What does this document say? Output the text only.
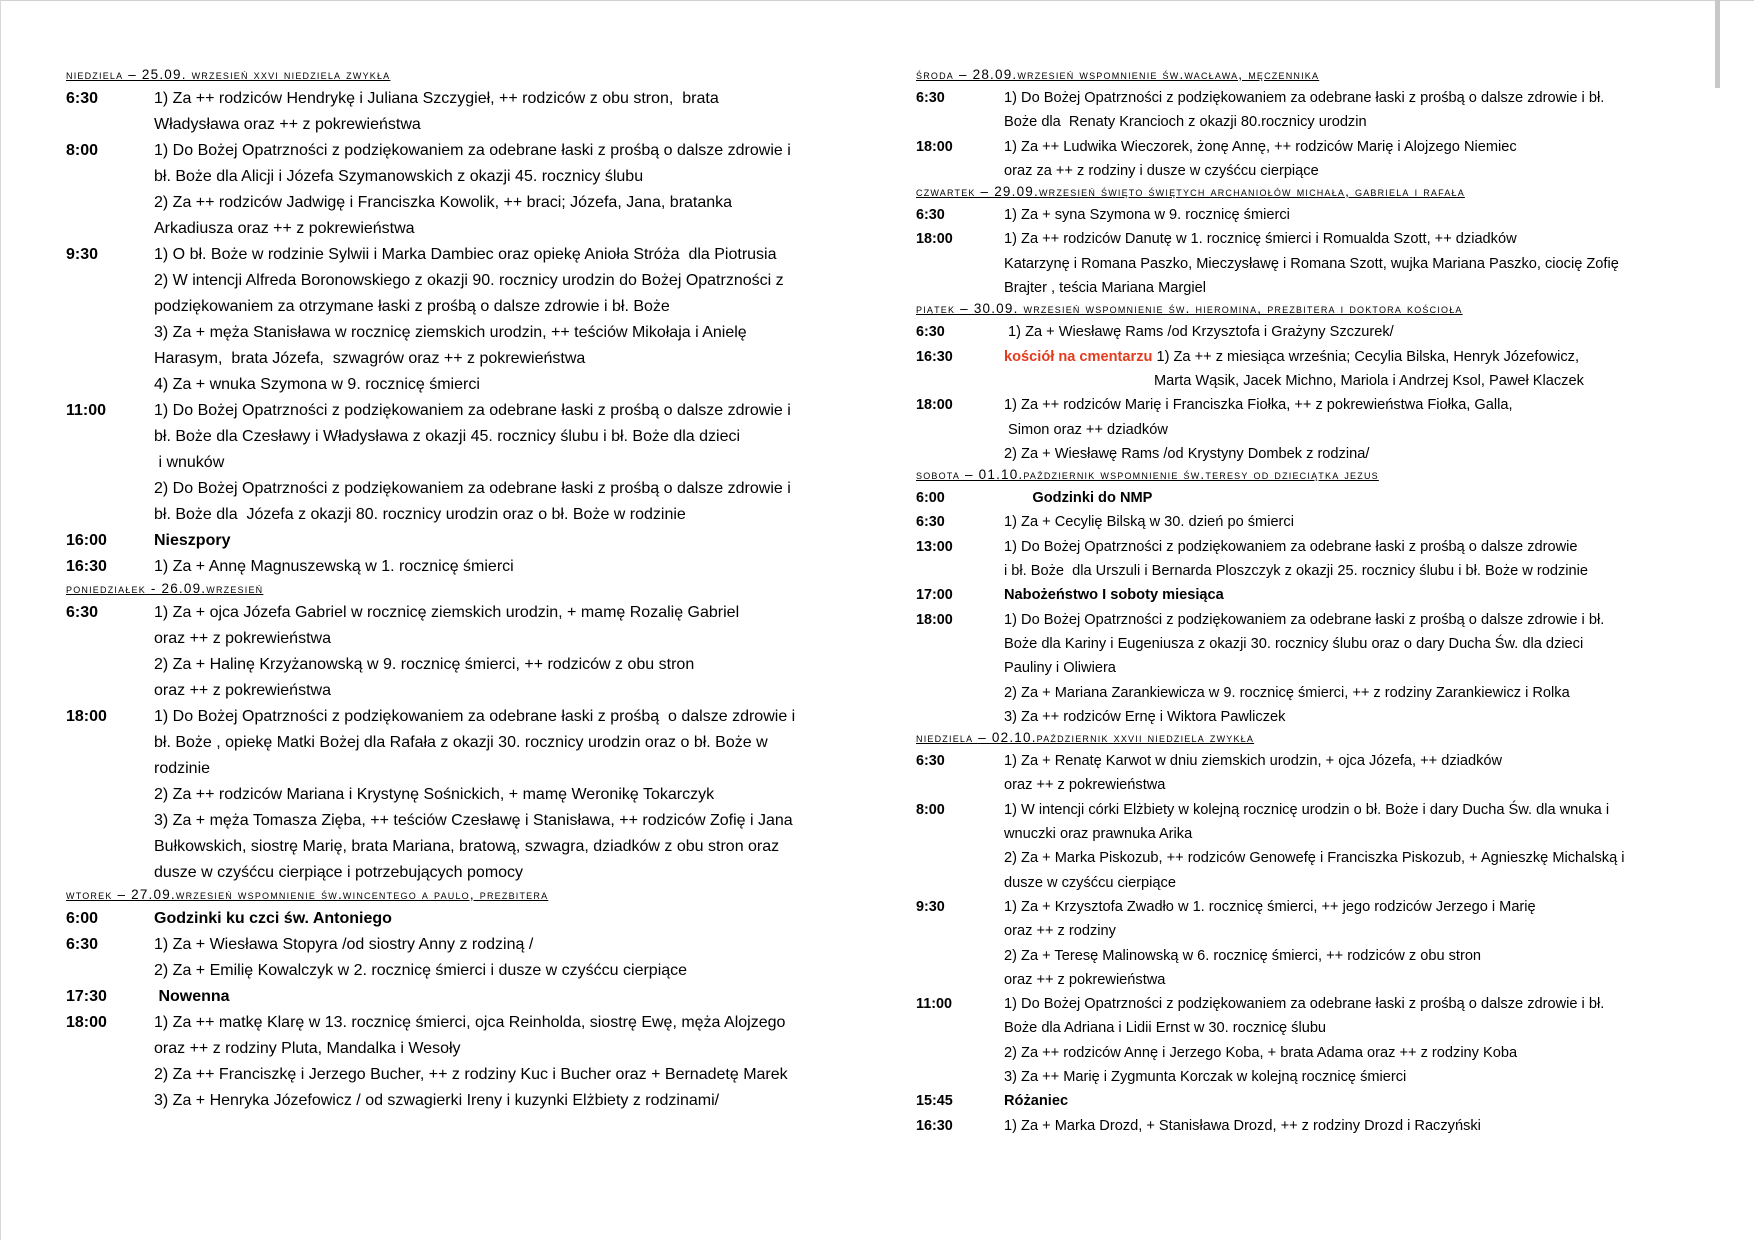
niedziela – 25.09. wrzesień xxvi niedziela zwykła
6:30	1) Za ++ rodziców Hendrykę i Juliana Szczygieł, ++ rodziców z obu stron,  brata
Władysława oraz ++ z pokrewieństwa
8:00	1) Do Bożej Opatrzności z podziękowaniem za odebrane łaski z prośbą o dalsze zdrowie i
bł. Boże dla Alicji i Józefa Szymanowskich z okazji 45. rocznicy ślubu
2) Za ++ rodziców Jadwigę i Franciszka Kowolik, ++ braci; Józefa, Jana, bratanka
Arkadiusza oraz ++ z pokrewieństwa
9:30	1) O bł. Boże w rodzinie Sylwii i Marka Dambiec oraz opiekę Anioła Stróża  dla Piotrusia
2) W intencji Alfreda Boronowskiego z okazji 90. rocznicy urodzin do Bożej Opatrzności z
podziękowaniem za otrzymane łaski z prośbą o dalsze zdrowie i bł. Boże
3) Za + męża Stanisława w rocznicę ziemskich urodzin, ++ teściów Mikołaja i Anielę
Harasym,  brata Józefa,  szwagrów oraz ++ z pokrewieństwa
4) Za + wnuka Szymona w 9. rocznicę śmierci
11:00	1) Do Bożej Opatrzności z podziękowaniem za odebrane łaski z prośbą o dalsze zdrowie i
bł. Boże dla Czesławy i Władysława z okazji 45. rocznicy ślubu i bł. Boże dla dzieci
i wnuków
2) Do Bożej Opatrzności z podziękowaniem za odebrane łaski z prośbą o dalsze zdrowie i
bł. Boże dla  Józefa z okazji 80. rocznicy urodzin oraz o bł. Boże w rodzinie
16:00	Nieszpory
16:30	1) Za + Annę Magnuszewską w 1. rocznicę śmierci
poniedziałek - 26.09.wrzesień
6:30	1) Za + ojca Józefa Gabriel w rocznicę ziemskich urodzin, + mamę Rozalię Gabriel
oraz ++ z pokrewieństwa
2) Za + Halinę Krzyżanowską w 9. rocznicę śmierci, ++ rodziców z obu stron
oraz ++ z pokrewieństwa
18:00	1) Do Bożej Opatrzności z podziękowaniem za odebrane łaski z prośbą  o dalsze zdrowie i
bł. Boże , opiekę Matki Bożej dla Rafała z okazji 30. rocznicy urodzin oraz o bł. Boże w
rodzinie
2) Za ++ rodziców Mariana i Krystynę Sośnickich, + mamę Weronikę Tokarczyk
3) Za + męża Tomasza Zięba, ++ teściów Czesławę i Stanisława, ++ rodziców Zofię i Jana
Bułkowskich, siostrę Marię, brata Mariana, bratową, szwagra, dziadków z obu stron oraz
dusze w czyśćcu cierpiące i potrzebujących pomocy
wtorek – 27.09.wrzesień wspomnienie św.wincentego a paulo, prezbitera
6:00	Godzinki ku czci św. Antoniego
6:30	1) Za + Wiesława Stopyra /od siostry Anny z rodziną /
2) Za + Emilię Kowalczyk w 2. rocznicę śmierci i dusze w czyśćcu cierpiące
17:30	Nowenna
18:00	1) Za ++ matkę Klarę w 13. rocznicę śmierci, ojca Reinholda, siostrę Ewę, męża Alojzego
oraz ++ z rodziny Pluta, Mandalka i Wesoły
2) Za ++ Franciszkę i Jerzego Bucher, ++ z rodziny Kuc i Bucher oraz + Bernadetę Marek
3) Za + Henryka Józefowicz / od szwagierki Ireny i kuzynki Elżbiety z rodzinami/
środa – 28.09.wrzesień wspomnienie św.wacława, męczennika
6:30	1) Do Bożej Opatrzności z podziękowaniem za odebrane łaski z prośbą o dalsze zdrowie i bł.
Boże dla  Renaty Krancioch z okazji 80.rocznicy urodzin
18:00	1) Za ++ Ludwika Wieczorek, żonę Annę, ++ rodziców Marię i Alojzego Niemiec
oraz za ++ z rodziny i dusze w czyśćcu cierpiące
czwartek – 29.09.wrzesień święto świętych archaniołów michała, gabriela i rafała
6:30	1) Za + syna Szymona w 9. rocznicę śmierci
18:00	1) Za ++ rodziców Danutę w 1. rocznicę śmierci i Romualda Szott, ++ dziadków
Katarzynę i Romana Paszko, Mieczysławę i Romana Szott, wujka Mariana Paszko, ciocię Zofię
Brajter , teścia Mariana Margiel
piątek – 30.09. wrzesień wspomnienie św. hieromina, prezbitera i doktora kościoła
6:30	1) Za + Wiesławę Rams /od Krzysztofa i Grażyny Szczurek/
16:30	kościół na cmentarzu 1) Za ++ z miesiąca września; Cecylia Bilska, Henryk Józefowicz,
Marta Wąsik, Jacek Michno, Mariola i Andrzej Ksol, Paweł Klaczek
18:00	1) Za ++ rodziców Marię i Franciszka Fiołka, ++ z pokrewieństwa Fiołka, Galla,
Simon oraz ++ dziadków
2) Za + Wiesławę Rams /od Krystyny Dombek z rodzina/
sobota – 01.10.październik wspomnienie św.teresy od dzieciątka jezus
6:00	Godzinki do NMP
6:30	1) Za + Cecylię Bilską w 30. dzień po śmierci
13:00	1) Do Bożej Opatrzności z podziękowaniem za odebrane łaski z prośbą o dalsze zdrowie
i bł. Boże  dla Urszuli i Bernarda Ploszczyk z okazji 25. rocznicy ślubu i bł. Boże w rodzinie
17:00	Nabożeństwo I soboty miesiąca
18:00	1) Do Bożej Opatrzności z podziękowaniem za odebrane łaski z prośbą o dalsze zdrowie i bł.
Boże dla Kariny i Eugeniusza z okazji 30. rocznicy ślubu oraz o dary Ducha Św. dla dzieci
Pauliny i Oliwiera
2) Za + Mariana Zarankiewicza w 9. rocznicę śmierci, ++ z rodziny Zarankiewicz i Rolka
3) Za ++ rodziców Ernę i Wiktora Pawliczek
niedziela – 02.10.październik xxvii niedziela zwykła
6:30	1) Za + Renatę Karwot w dniu ziemskich urodzin, + ojca Józefa, ++ dziadków
oraz ++ z pokrewieństwa
8:00	1) W intencji córki Elżbiety w kolejną rocznicę urodzin o bł. Boże i dary Ducha Św. dla wnuka i
wnuczki oraz prawnuka Arika
2) Za + Marka Piskozub, ++ rodziców Genowefę i Franciszka Piskozub, + Agnieszkę Michalską i
dusze w czyśćcu cierpiące
9:30	1) Za + Krzysztofa Zwadło w 1. rocznicę śmierci, ++ jego rodziców Jerzego i Marię
oraz ++ z rodziny
2) Za + Teresę Malinowską w 6. rocznicę śmierci, ++ rodziców z obu stron
oraz ++ z pokrewieństwa
11:00	1) Do Bożej Opatrzności z podziękowaniem za odebrane łaski z prośbą o dalsze zdrowie i bł.
Boże dla Adriana i Lidii Ernst w 30. rocznicę ślubu
2) Za ++ rodziców Annę i Jerzego Koba, + brata Adama oraz ++ z rodziny Koba
3) Za ++ Marię i Zygmunta Korczak w kolejną rocznicę śmierci
15:45	Różaniec
16:30	1) Za + Marka Drozd, + Stanisława Drozd, ++ z rodziny Drozd i Raczyński
